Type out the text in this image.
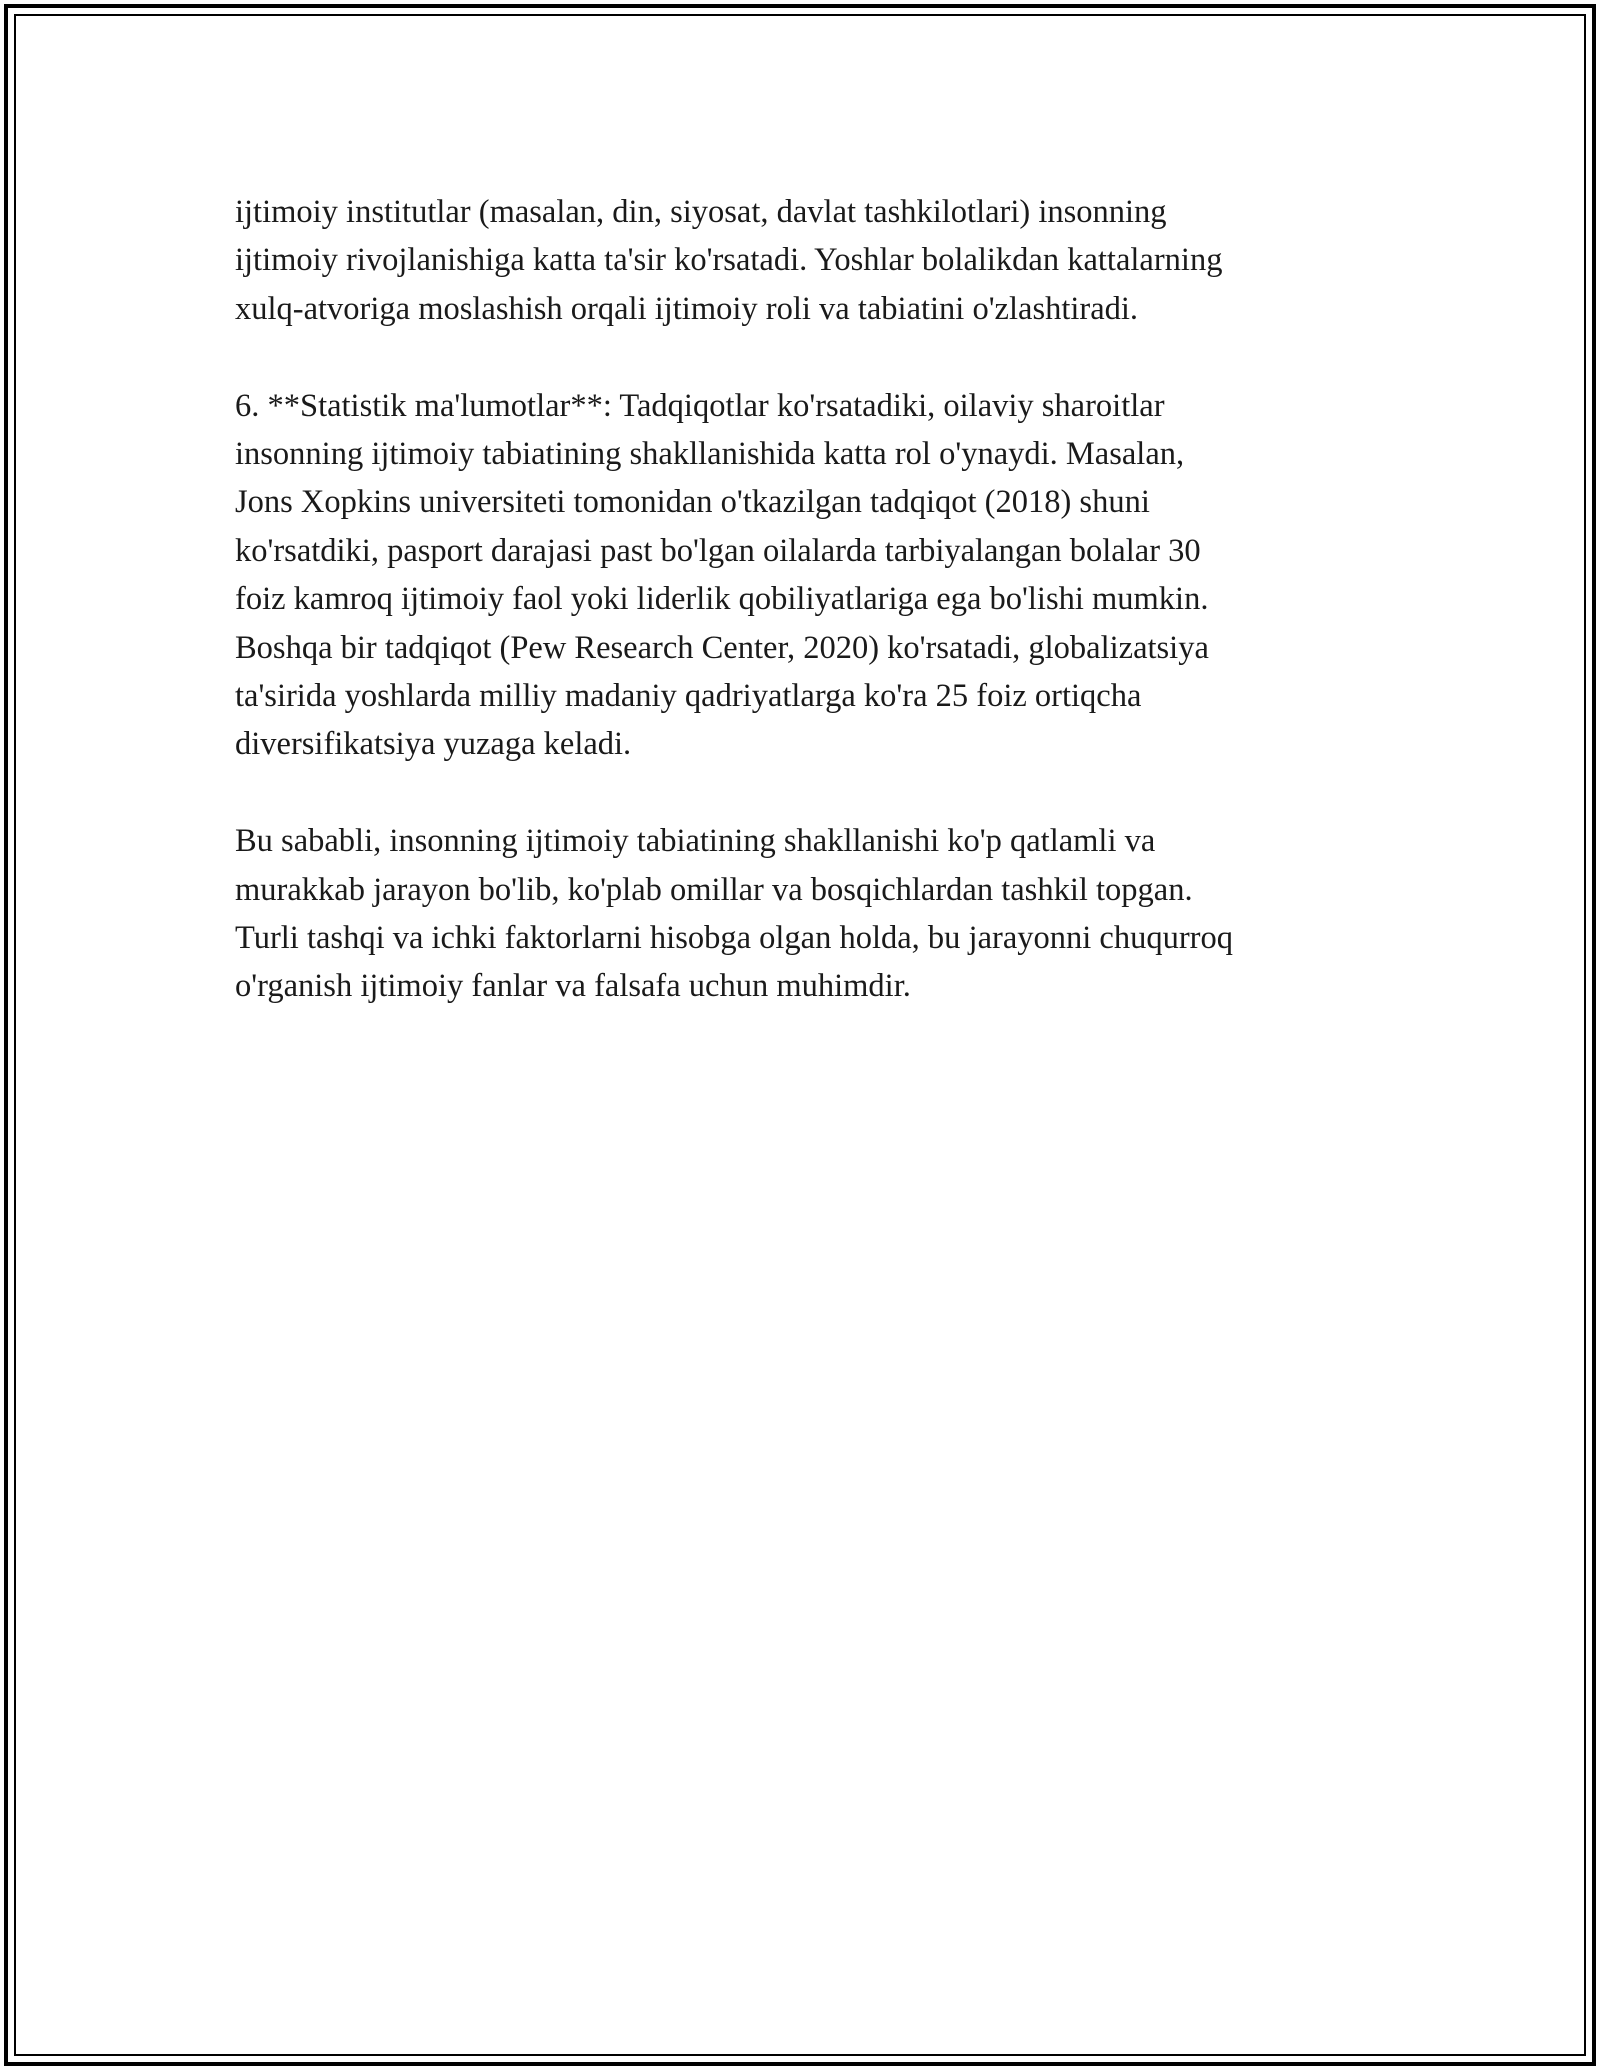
ijtimoiy institutlar (masalan, din, siyosat, davlat tashkilotlari) insonning
ijtimoiy rivojlanishiga katta ta'sir ko'rsatadi. Yoshlar bolalikdan kattalarning
xulq-atvoriga moslashish orqali ijtimoiy roli va tabiatini o'zlashtiradi.

6. **Statistik ma'lumotlar**: Tadqiqotlar ko'rsatadiki, oilaviy sharoitlar
insonning ijtimoiy tabiatining shakllanishida katta rol o'ynaydi. Masalan,
Jons Xopkins universiteti tomonidan o'tkazilgan tadqiqot (2018) shuni
ko'rsatdiki, pasport darajasi past bo'lgan oilalarda tarbiyalangan bolalar 30
foiz kamroq ijtimoiy faol yoki liderlik qobiliyatlariga ega bo'lishi mumkin.
Boshqa bir tadqiqot (Pew Research Center, 2020) ko'rsatadi, globalizatsiya
ta'sirida yoshlarda milliy madaniy qadriyatlarga ko'ra 25 foiz ortiqcha
diversifikatsiya yuzaga keladi.

Bu sababli, insonning ijtimoiy tabiatining shakllanishi ko'p qatlamli va
murakkab jarayon bo'lib, ko'plab omillar va bosqichlardan tashkil topgan.
Turli tashqi va ichki faktorlarni hisobga olgan holda, bu jarayonni chuqurroq
o'rganish ijtimoiy fanlar va falsafa uchun muhimdir.
